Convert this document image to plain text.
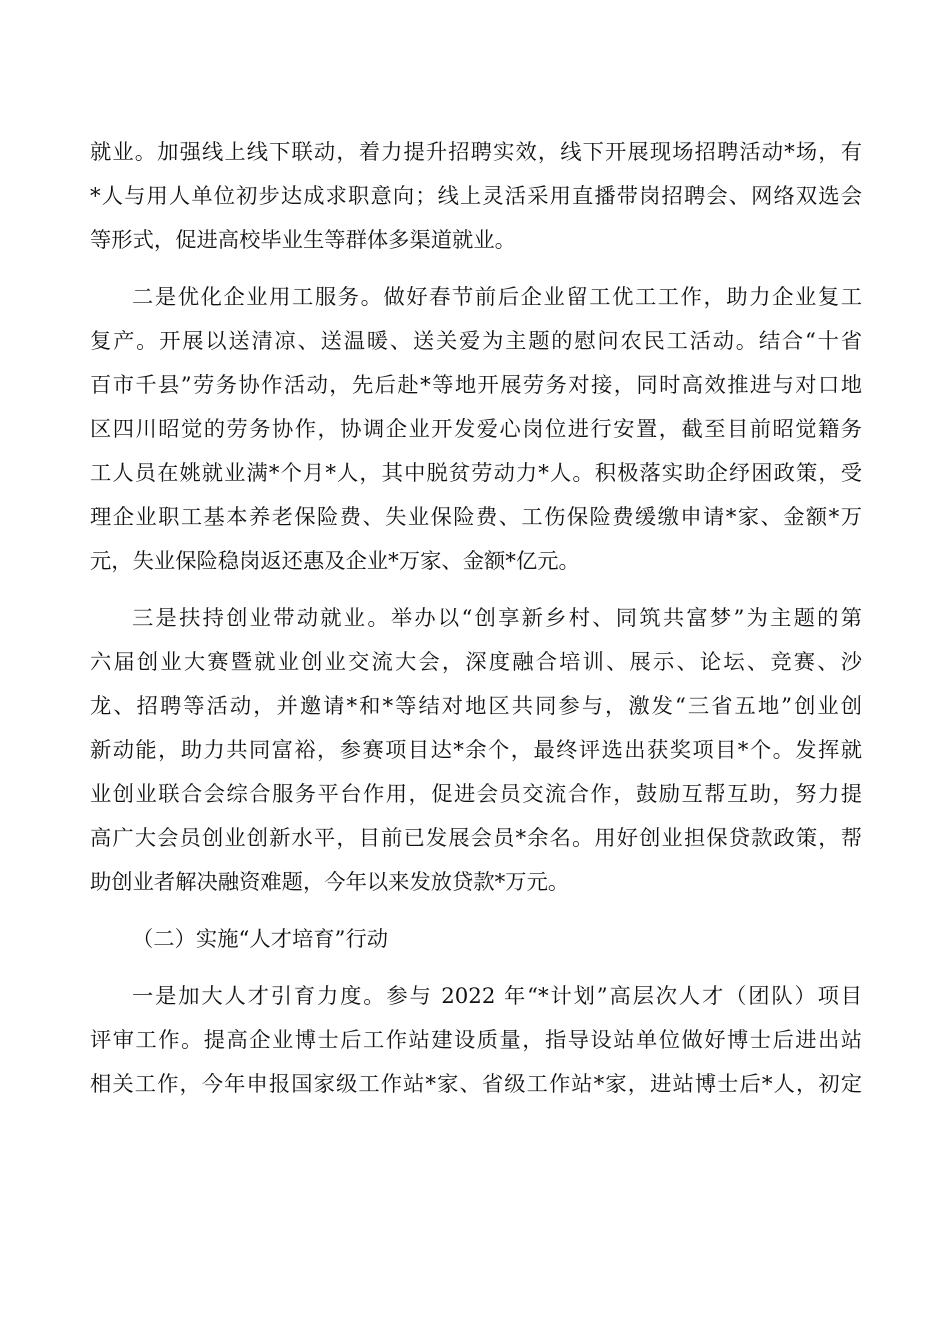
就业。加强线上线下联动，着力提升招聘实效，线下开展现场招聘活动*场，有
*人与用人单位初步达成求职意向；线上灵活采用直播带岗招聘会、网络双选会
等形式，促进高校毕业生等群体多渠道就业。

二是优化企业用工服务。做好春节前后企业留工优工工作，助力企业复工
复产。开展以送清凉、送温暖、送关爱为主题的慰问农民工活动。结合“十省
百市千县”劳务协作活动，先后赴*等地开展劳务对接，同时高效推进与对口地
区四川昭觉的劳务协作，协调企业开发爱心岗位进行安置，截至目前昭觉籍务
工人员在姚就业满*个月*人，其中脱贫劳动力*人。积极落实助企纾困政策，受
理企业职工基本养老保险费、失业保险费、工伤保险费缓缴申请*家、金额*万
元，失业保险稳岗返还惠及企业*万家、金额*亿元。

三是扶持创业带动就业。举办以“创享新乡村、同筑共富梦”为主题的第
六届创业大赛暨就业创业交流大会，深度融合培训、展示、论坛、竞赛、沙
龙、招聘等活动，并邀请*和*等结对地区共同参与，激发“三省五地”创业创
新动能，助力共同富裕，参赛项目达*余个，最终评选出获奖项目*个。发挥就
业创业联合会综合服务平台作用，促进会员交流合作，鼓励互帮互助，努力提
高广大会员创业创新水平，目前已发展会员*余名。用好创业担保贷款政策，帮
助创业者解决融资难题，今年以来发放贷款*万元。

（二）实施“人才培育”行动

一是加大人才引育力度。参与 2022 年“*计划”高层次人才（团队）项目
评审工作。提高企业博士后工作站建设质量，指导设站单位做好博士后进出站
相关工作，今年申报国家级工作站*家、省级工作站*家，进站博士后*人，初定
